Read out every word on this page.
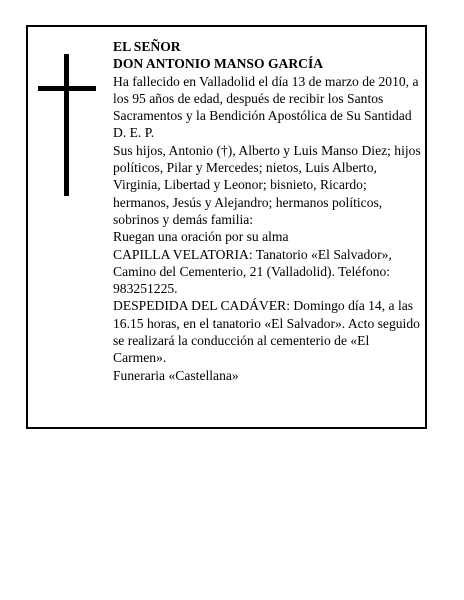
EL SEÑOR

DON ANTONIO MANSO GARCÍA

Ha fallecido en Valladolid el día 13 de marzo de 2010, a los 95 años de edad, después de recibir los Santos Sacramentos y la Bendición Apostólica de Su Santidad

D. E. P.

Sus hijos, Antonio (†), Alberto y Luis Manso Diez; hijos políticos, Pilar y Mercedes; nietos, Luis Alberto, Virginia, Libertad y Leonor; bisnieto, Ricardo; hermanos, Jesús y Alejandro; hermanos políticos, sobrinos y demás familia:

Ruegan una oración por su alma

CAPILLA VELATORIA: Tanatorio «El Salvador», Camino del Cementerio, 21 (Valladolid). Teléfono: 983251225.

DESPEDIDA DEL CADÁVER: Domingo día 14, a las 16.15 horas, en el tanatorio «El Salvador». Acto seguido se realizará la conducción al cementerio de «El Carmen».

Funeraria «Castellana»
